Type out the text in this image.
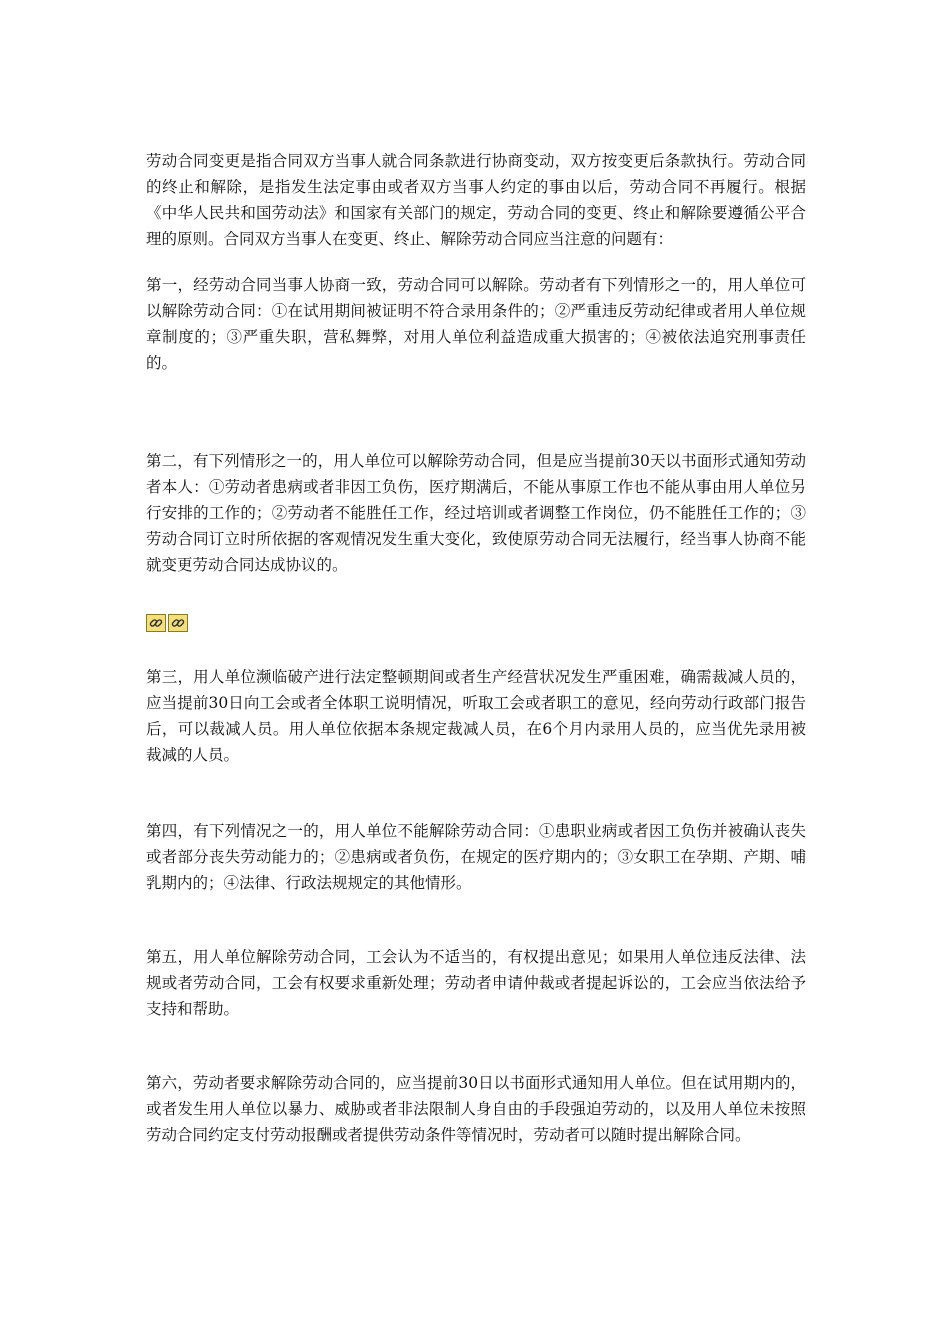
劳动合同变更是指合同双方当事人就合同条款进行协商变动，双方按变更后条款执行。劳动合同的终止和解除，是指发生法定事由或者双方当事人约定的事由以后，劳动合同不再履行。根据《中华人民共和国劳动法》和国家有关部门的规定，劳动合同的变更、终止和解除要遵循公平合理的原则。合同双方当事人在变更、终止、解除劳动合同应当注意的问题有：

第一，经劳动合同当事人协商一致，劳动合同可以解除。劳动者有下列情形之一的，用人单位可以解除劳动合同：①在试用期间被证明不符合录用条件的；②严重违反劳动纪律或者用人单位规章制度的；③严重失职，营私舞弊，对用人单位利益造成重大损害的；④被依法追究刑事责任的。

第二，有下列情形之一的，用人单位可以解除劳动合同，但是应当提前30天以书面形式通知劳动者本人：①劳动者患病或者非因工负伤，医疗期满后，不能从事原工作也不能从事由用人单位另行安排的工作的；②劳动者不能胜任工作，经过培训或者调整工作岗位，仍不能胜任工作的；③劳动合同订立时所依据的客观情况发生重大变化，致使原劳动合同无法履行，经当事人协商不能就变更劳动合同达成协议的。

第三，用人单位濒临破产进行法定整顿期间或者生产经营状况发生严重困难，确需裁减人员的，应当提前30日向工会或者全体职工说明情况，听取工会或者职工的意见，经向劳动行政部门报告后，可以裁减人员。用人单位依据本条规定裁减人员，在6个月内录用人员的，应当优先录用被裁减的人员。

第四，有下列情况之一的，用人单位不能解除劳动合同：①患职业病或者因工负伤并被确认丧失或者部分丧失劳动能力的；②患病或者负伤，在规定的医疗期内的；③女职工在孕期、产期、哺乳期内的；④法律、行政法规规定的其他情形。

第五，用人单位解除劳动合同，工会认为不适当的，有权提出意见；如果用人单位违反法律、法规或者劳动合同，工会有权要求重新处理；劳动者申请仲裁或者提起诉讼的，工会应当依法给予支持和帮助。

第六，劳动者要求解除劳动合同的，应当提前30日以书面形式通知用人单位。但在试用期内的，或者发生用人单位以暴力、威胁或者非法限制人身自由的手段强迫劳动的，以及用人单位未按照劳动合同约定支付劳动报酬或者提供劳动条件等情况时，劳动者可以随时提出解除合同。
